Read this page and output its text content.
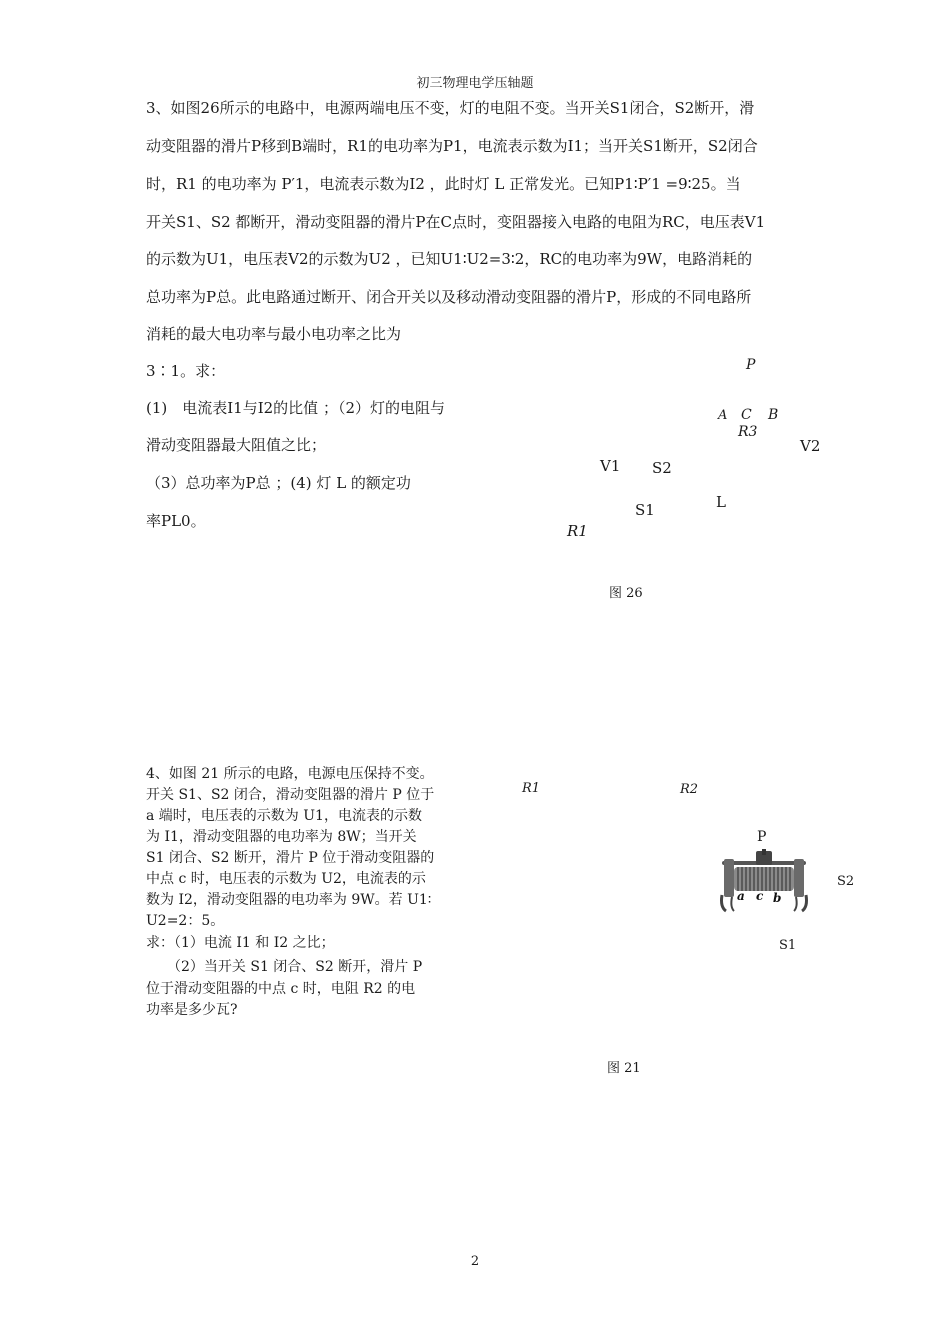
初三物理电学压轴题
3、如图26所示的电路中，电源两端电压不变，灯的电阻不变。当开关S1闭合，S2断开，滑
动变阻器的滑片P移到B端时，R1的电功率为P1，电流表示数为I1；当开关S1断开，S2闭合
时，R1 的电功率为 P′1，电流表示数为I2 ，此时灯 L 正常发光。已知P1∶P′1 =9∶25。当
开关S1、S2 都断开，滑动变阻器的滑片P在C点时，变阻器接入电路的电阻为RC，电压表V1
的示数为U1，电压表V2的示数为U2 ，已知U1∶U2=3∶2，RC的电功率为9W，电路消耗的
总功率为P总。此电路通过断开、闭合开关以及移动滑动变阻器的滑片P，形成的不同电路所
消耗的最大电功率与最小电功率之比为
3∶1。求：
(1)　电流表I1与I2的比值 ；（2）灯的电阻与
滑动变阻器最大阻值之比；
（3）总功率为P总 ；(4) 灯 L 的额定功
率PL0。
P
A C B
R3
V2
V1 S2
L
S1
R1
图 26
4、如图 21 所示的电路，电源电压保持不变。
开关 S1、S2 闭合，滑动变阻器的滑片 P 位于
a 端时，电压表的示数为 U1，电流表的示数
为 I1，滑动变阻器的电功率为 8W；当开关
S1 闭合、S2 断开，滑片 P 位于滑动变阻器的
中点 c 时，电压表的示数为 U2，电流表的示
数为 I2，滑动变阻器的电功率为 9W。若 U1∶
U2=2：5。
求：（1）电流 I1 和 I2 之比；
　　（2）当开关 S1 闭合、S2 断开，滑片 P
位于滑动变阻器的中点 c 时，电阻 R2 的电
功率是多少瓦?
R1	R2
P
a c b
S2
S1
图 21
2
